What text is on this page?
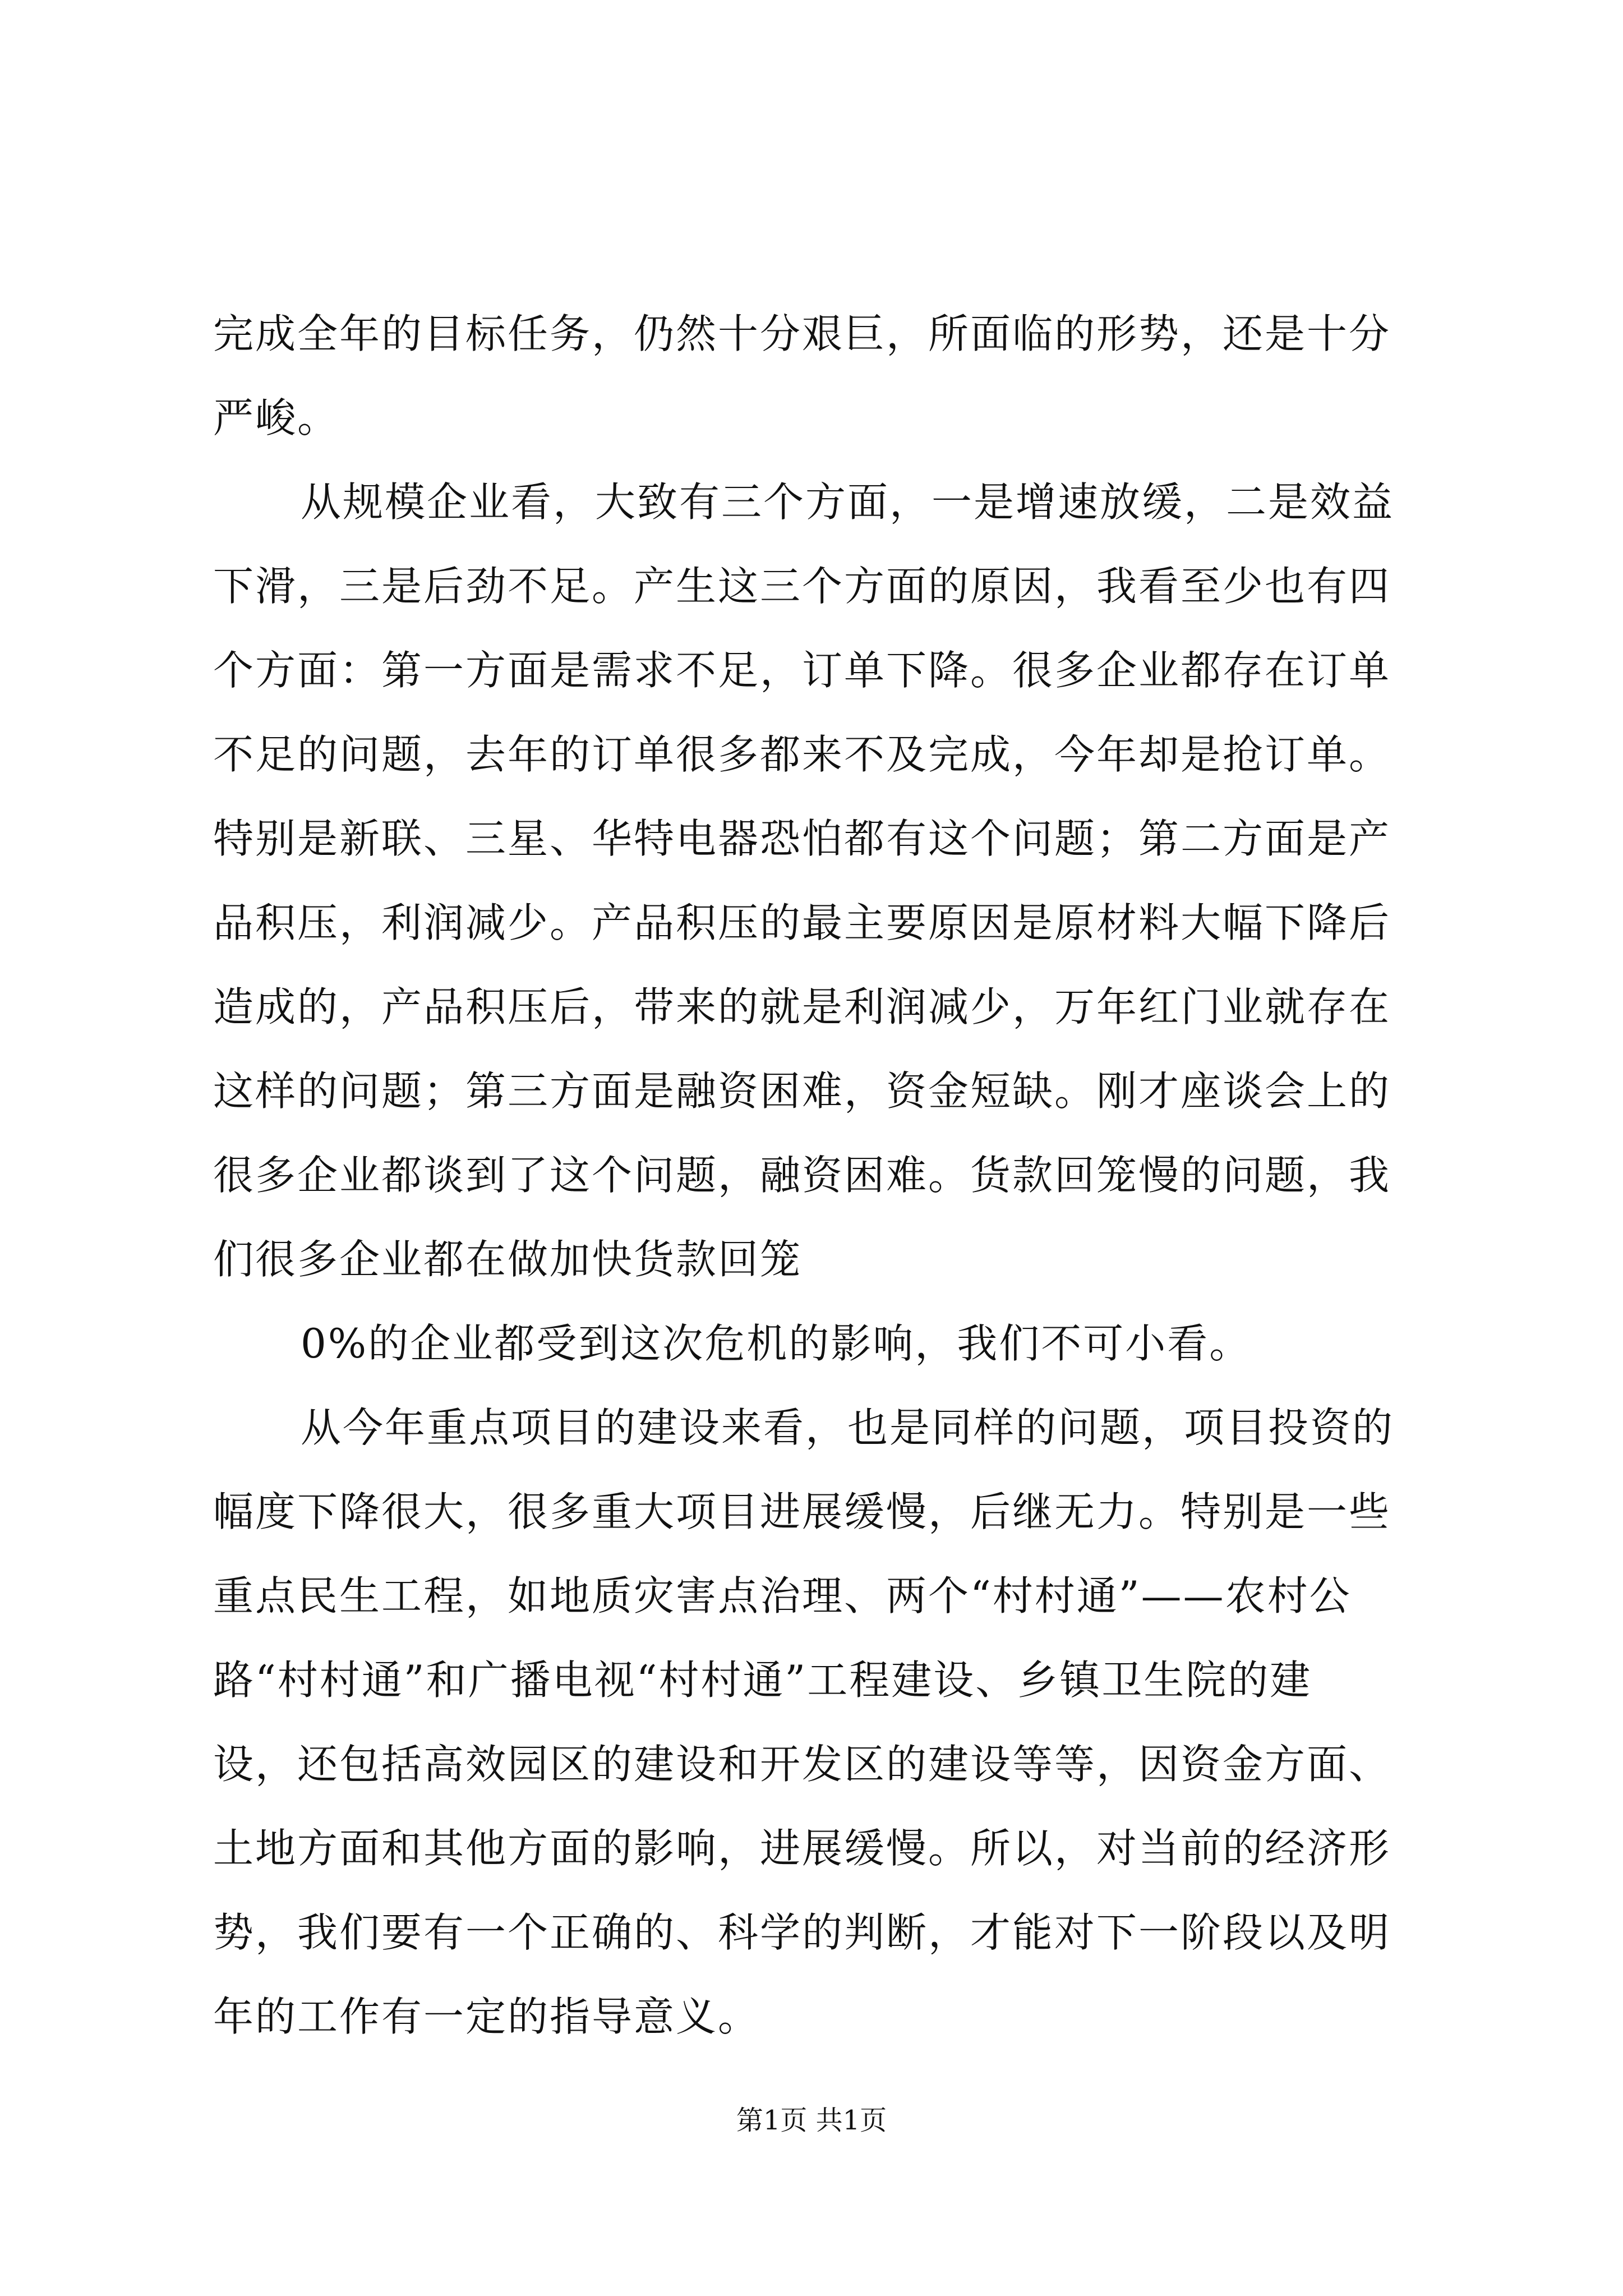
完成全年的目标任务，仍然十分艰巨，所面临的形势，还是十分
严峻。
从规模企业看，大致有三个方面，一是增速放缓，二是效益
下滑，三是后劲不足。产生这三个方面的原因，我看至少也有四
个方面：第一方面是需求不足，订单下降。很多企业都存在订单
不足的问题，去年的订单很多都来不及完成，今年却是抢订单。
特别是新联、三星、华特电器恐怕都有这个问题；第二方面是产
品积压，利润减少。产品积压的最主要原因是原材料大幅下降后
造成的，产品积压后，带来的就是利润减少，万年红门业就存在
这样的问题；第三方面是融资困难，资金短缺。刚才座谈会上的
很多企业都谈到了这个问题，融资困难。货款回笼慢的问题，我
们很多企业都在做加快货款回笼
0%的企业都受到这次危机的影响，我们不可小看。
从今年重点项目的建设来看，也是同样的问题，项目投资的
幅度下降很大，很多重大项目进展缓慢，后继无力。特别是一些
重点民生工程，如地质灾害点治理、两个“村村通”——农村公
路“村村通”和广播电视“村村通”工程建设、乡镇卫生院的建
设，还包括高效园区的建设和开发区的建设等等，因资金方面、
土地方面和其他方面的影响，进展缓慢。所以，对当前的经济形
势，我们要有一个正确的、科学的判断，才能对下一阶段以及明
年的工作有一定的指导意义。
第1页 共1页
